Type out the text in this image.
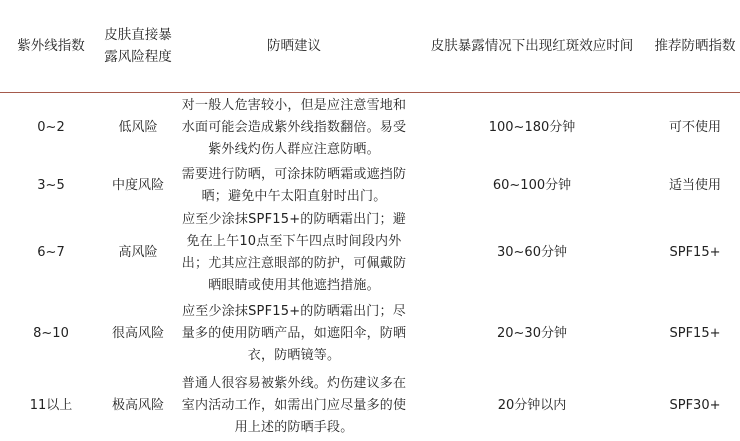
紫外线指数	皮肤直接暴露风险程度	防晒建议	皮肤暴露情况下出现红斑效应时间	推荐防晒指数
0~2	低风险	对一般人危害较小，但是应注意雪地和水面可能会造成紫外线指数翻倍。易受紫外线灼伤人群应注意防晒。	100~180分钟	可不使用
3~5	中度风险	需要进行防晒，可涂抹防晒霜或遮挡防晒；避免中午太阳直射时出门。	60~100分钟	适当使用
6~7	高风险	应至少涂抹SPF15+的防晒霜出门；避免在上午10点至下午四点时间段内外出；尤其应注意眼部的防护，可佩戴防晒眼睛或使用其他遮挡措施。	30~60分钟	SPF15+
8~10	很高风险	应至少涂抹SPF15+的防晒霜出门；尽量多的使用防晒产品，如遮阳伞，防晒衣，防晒镜等。	20~30分钟	SPF15+
11以上	极高风险	普通人很容易被紫外线。灼伤建议多在室内活动工作，如需出门应尽量多的使用上述的防晒手段。	20分钟以内	SPF30+
